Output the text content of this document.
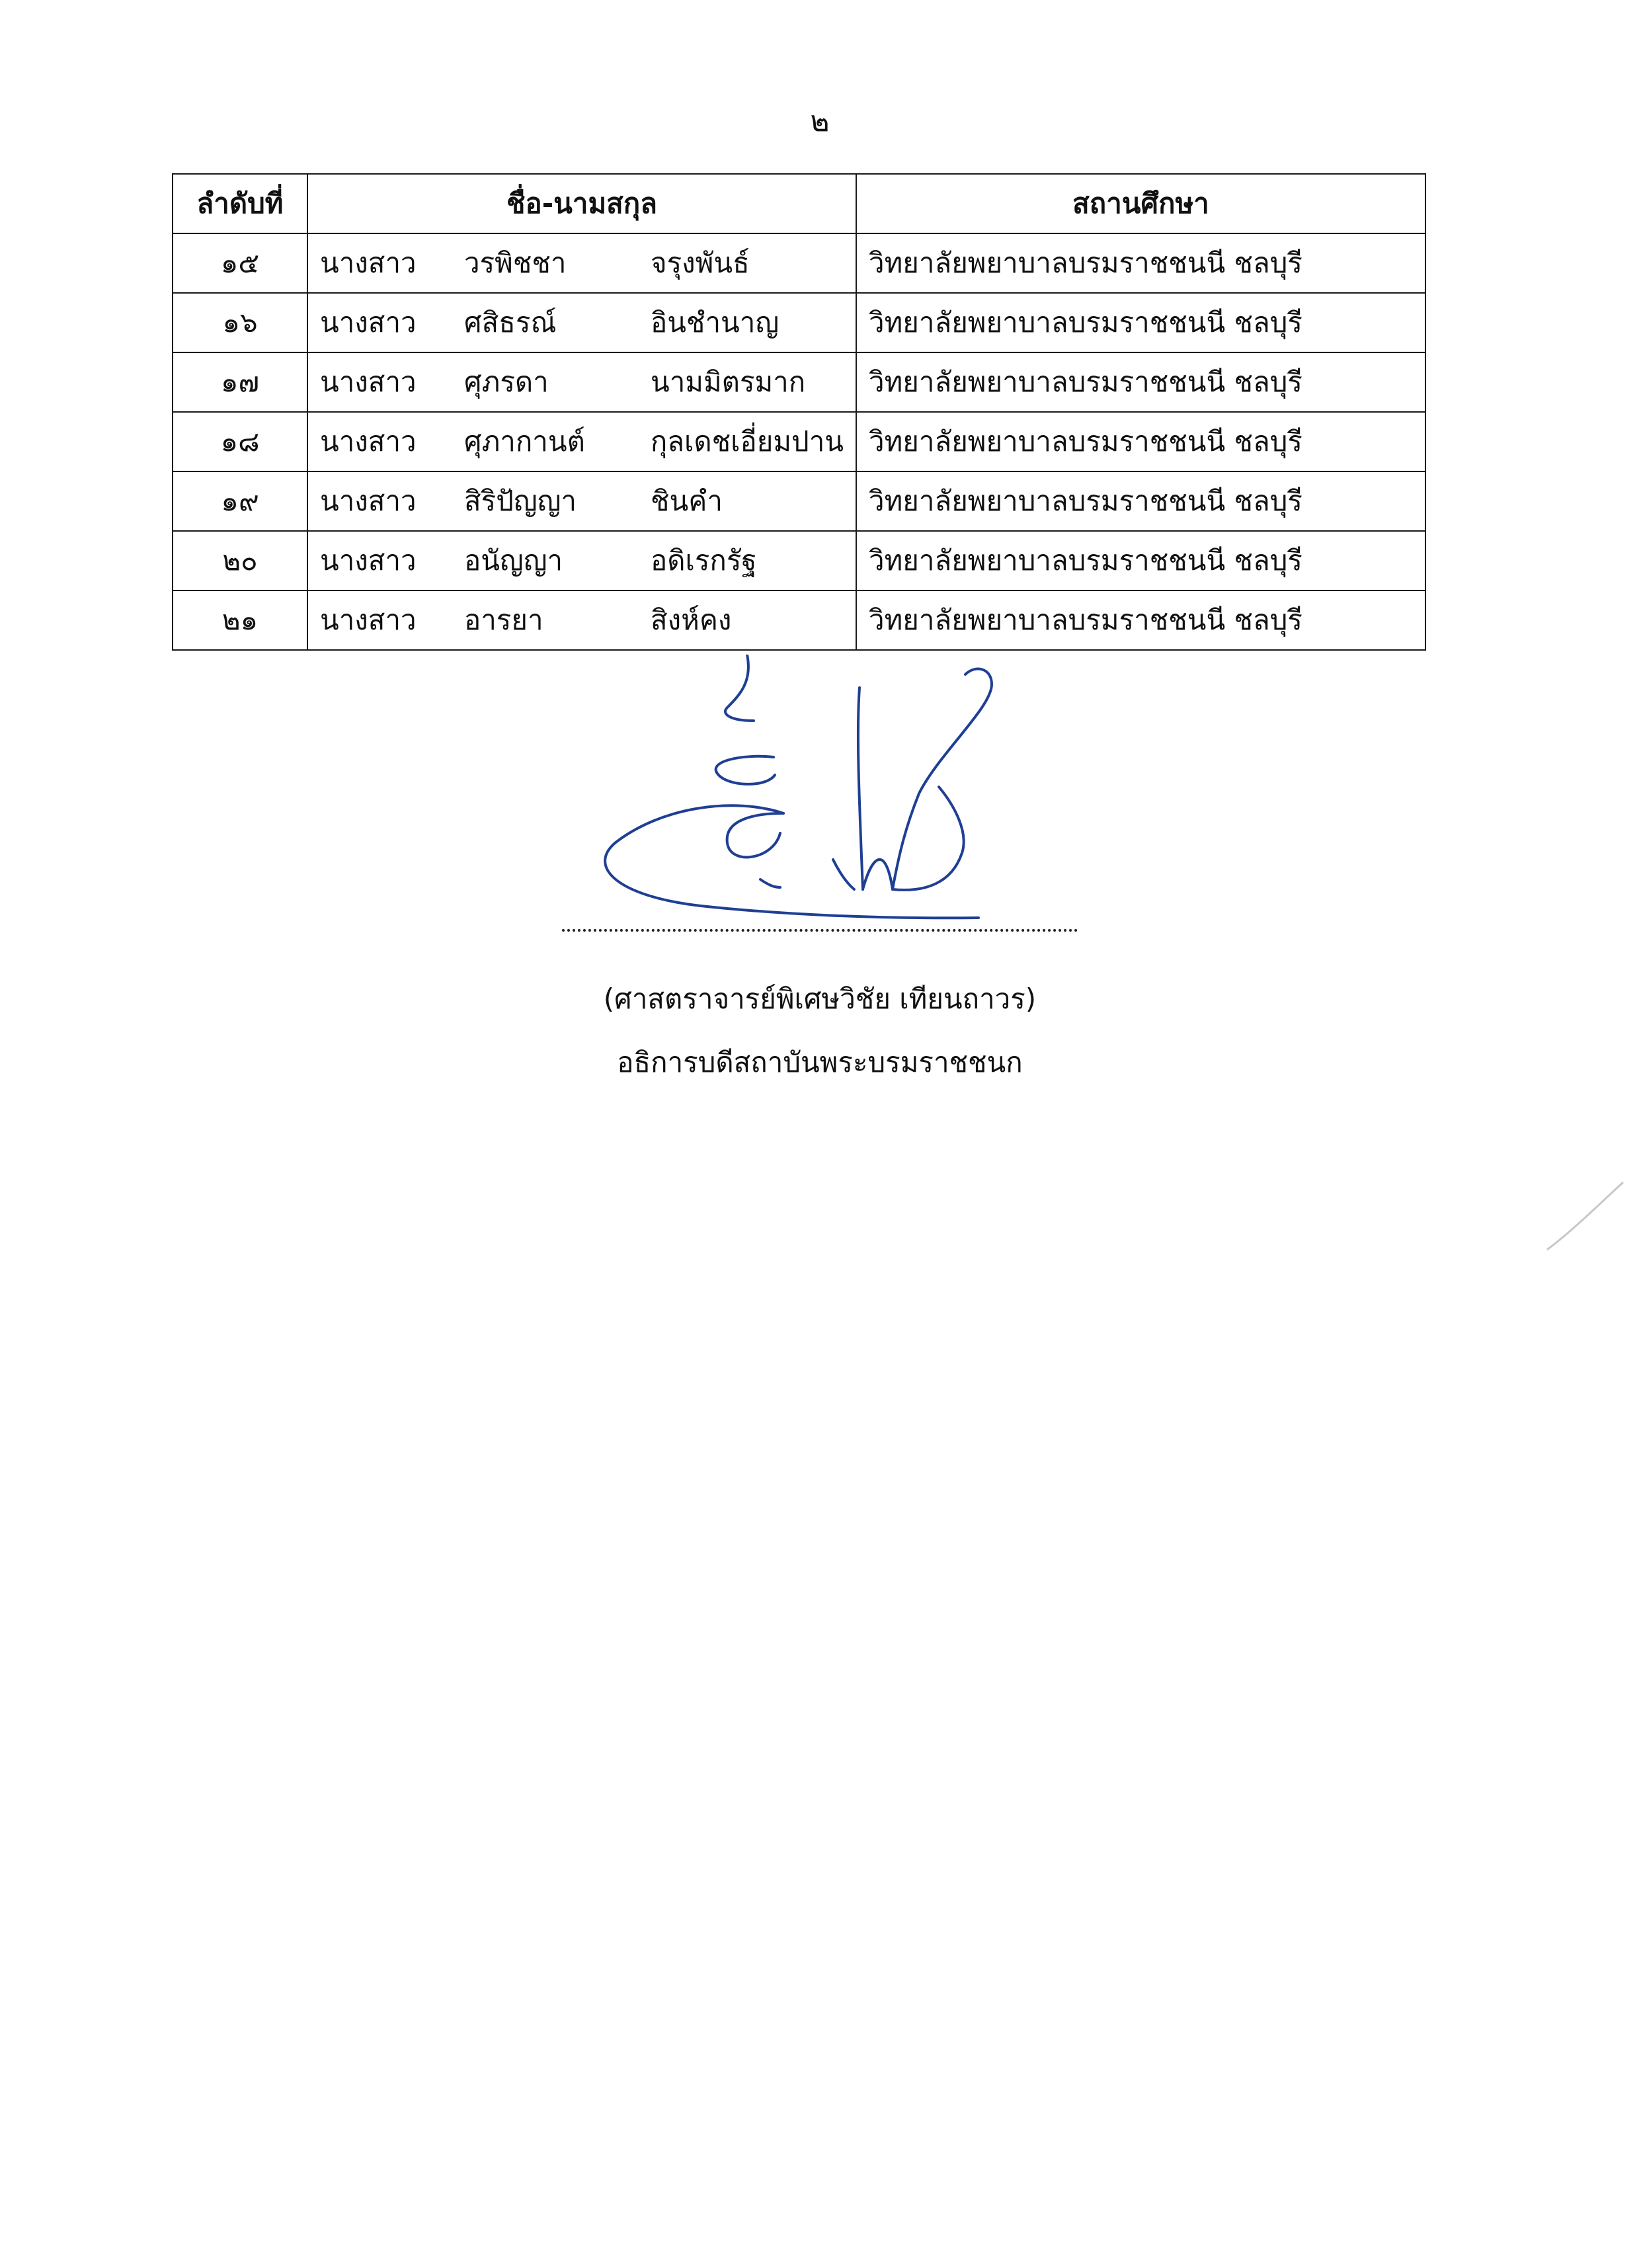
๒
ลำดับที่	ชื่อ-นามสกุล	สถานศึกษา
๑๕	นางสาว วรพิชชา จรุงพันธ์	วิทยาลัยพยาบาลบรมราชชนนี ชลบุรี
๑๖	นางสาว ศสิธรณ์ อินชำนาญ	วิทยาลัยพยาบาลบรมราชชนนี ชลบุรี
๑๗	นางสาว ศุภรดา นามมิตรมาก	วิทยาลัยพยาบาลบรมราชชนนี ชลบุรี
๑๘	นางสาว ศุภากานต์ กุลเดชเอี่ยมปาน	วิทยาลัยพยาบาลบรมราชชนนี ชลบุรี
๑๙	นางสาว สิริปัญญา ชินคำ	วิทยาลัยพยาบาลบรมราชชนนี ชลบุรี
๒๐	นางสาว อนัญญา อดิเรกรัฐ	วิทยาลัยพยาบาลบรมราชชนนี ชลบุรี
๒๑	นางสาว อารยา สิงห์คง	วิทยาลัยพยาบาลบรมราชชนนี ชลบุรี
(ศาสตราจารย์พิเศษวิชัย เทียนถาวร)
อธิการบดีสถาบันพระบรมราชชนก
